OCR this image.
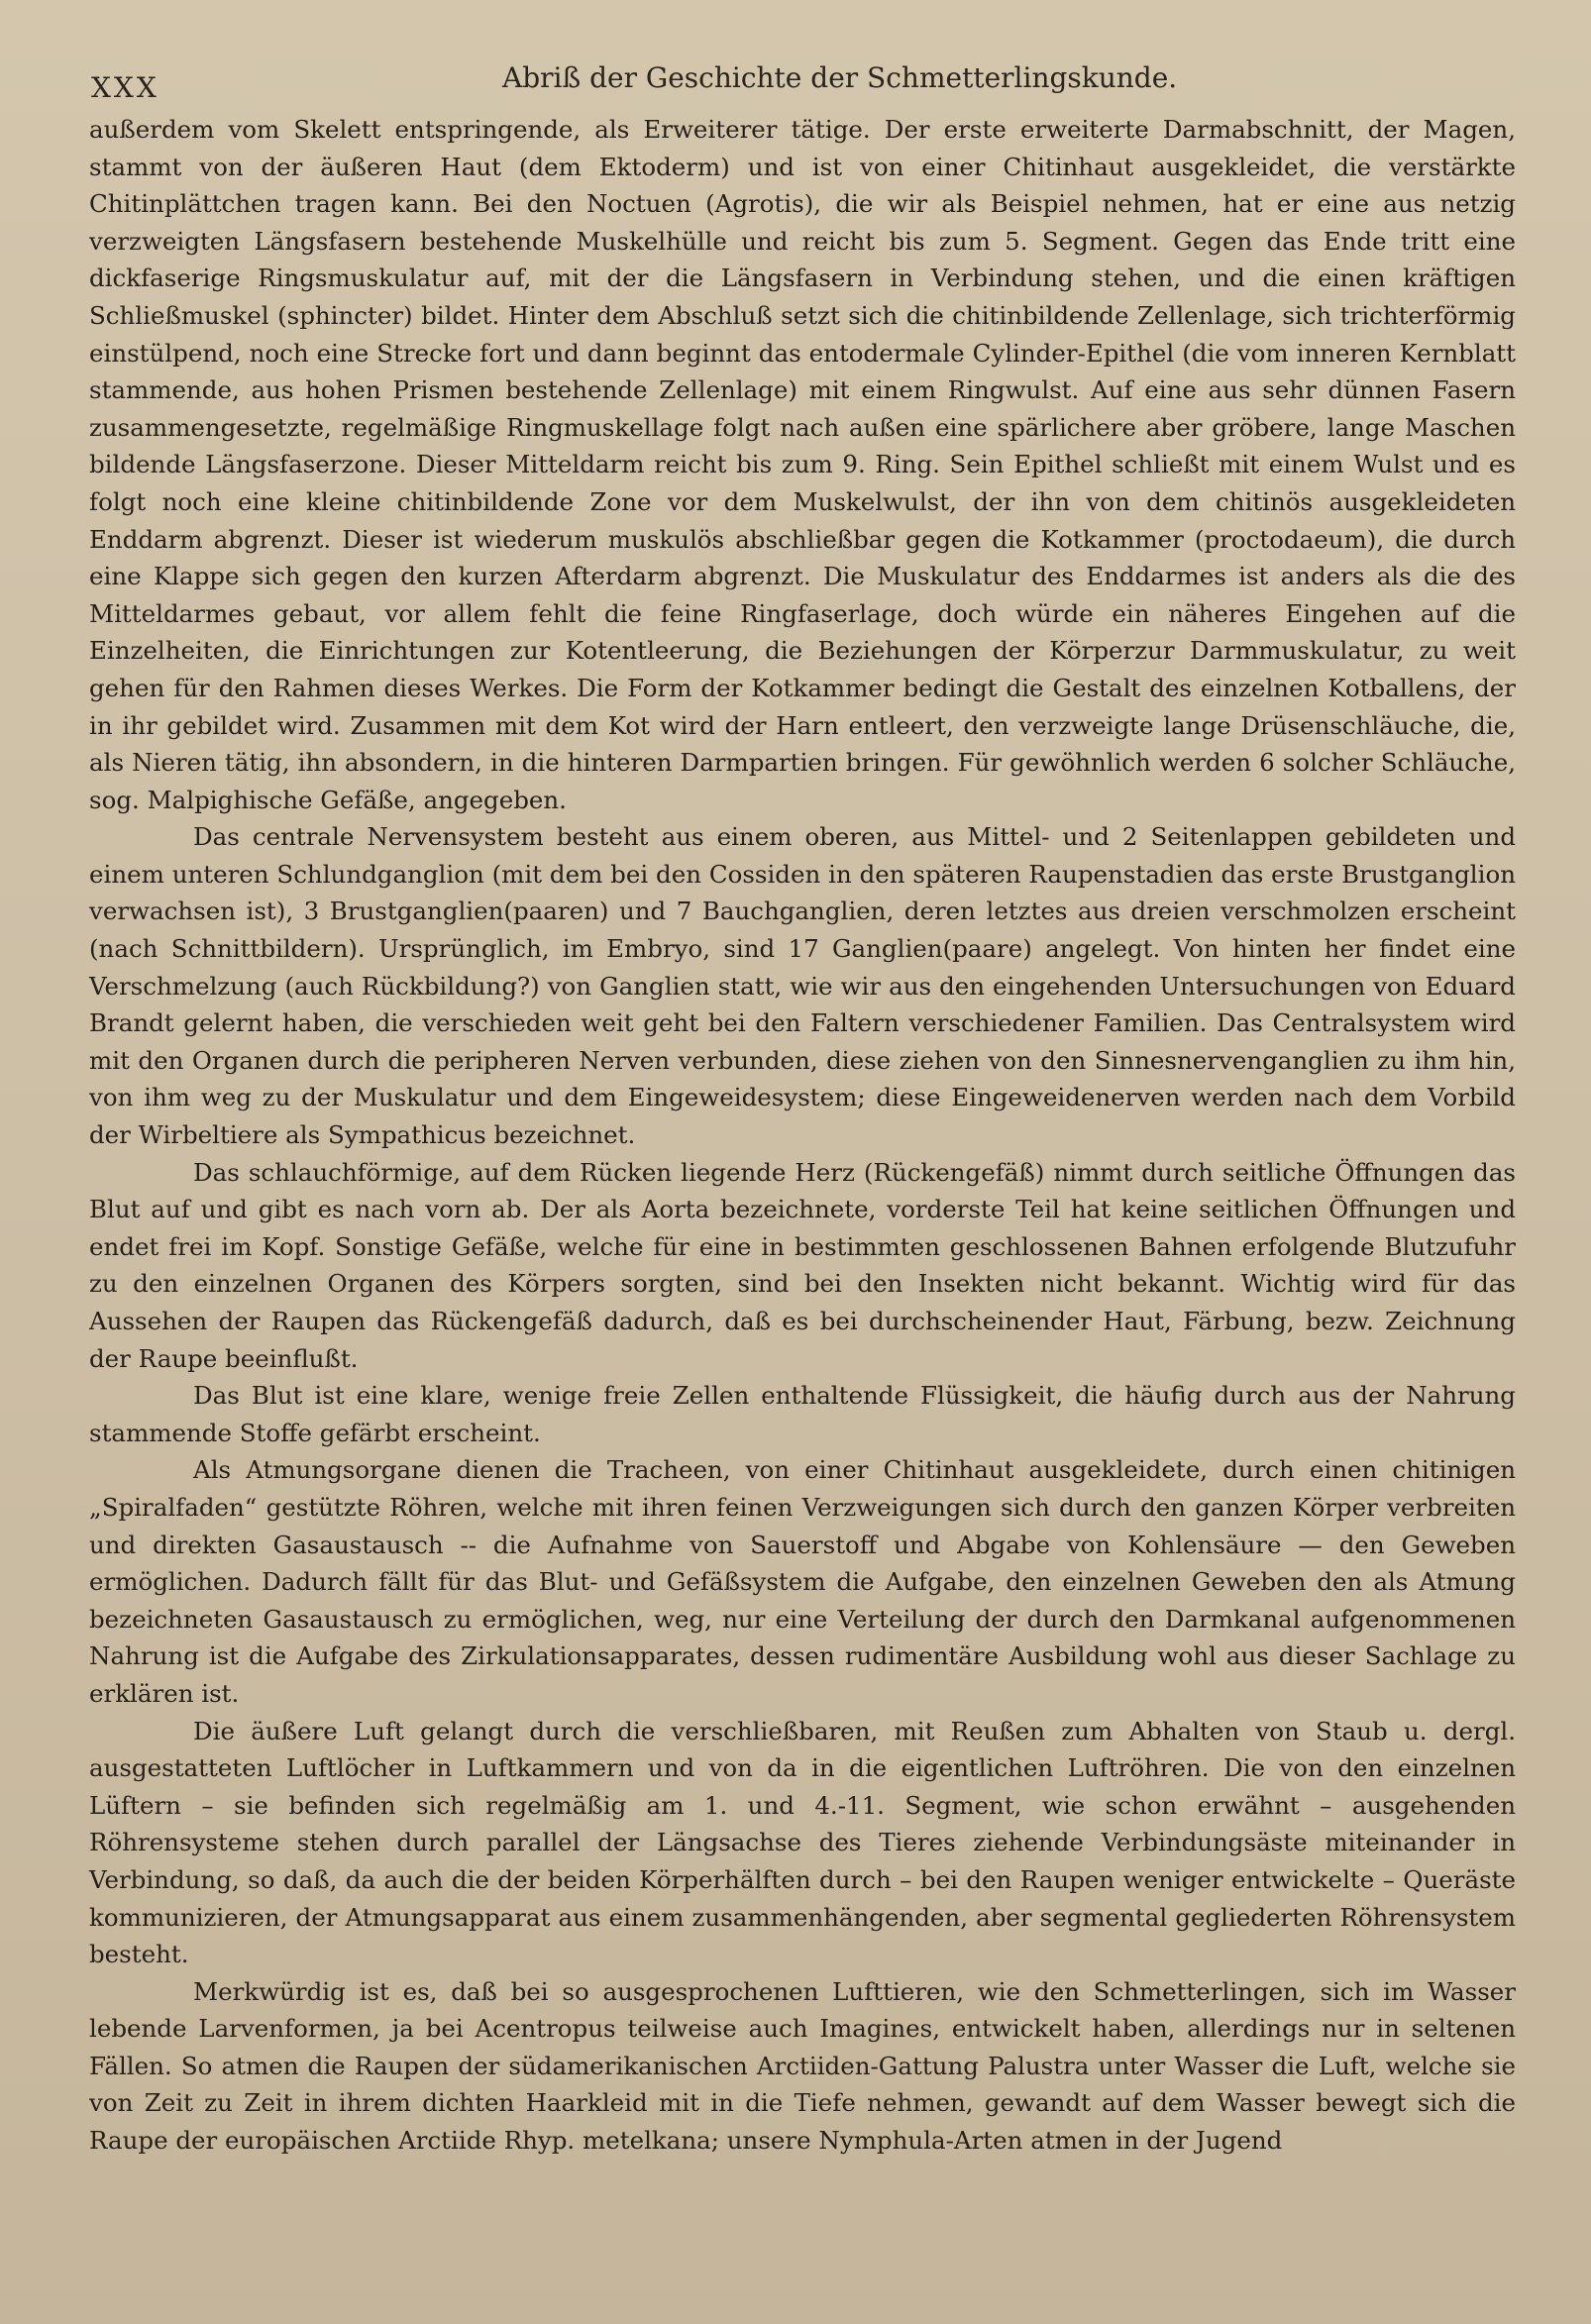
XXX	Abriß der Geschichte der Schmetterlingskunde.

außerdem vom Skelett entspringende, als Erweiterer tätige. Der erste erweiterte Darmabschnitt, der Magen, stammt von der äußeren Haut (dem Ektoderm) und ist von einer Chitinhaut ausgekleidet, die verstärkte Chitinplättchen tragen kann. Bei den Noctuen (Agrotis), die wir als Beispiel nehmen, hat er eine aus netzig verzweigten Längsfasern bestehende Muskelhülle und reicht bis zum 5. Segment. Gegen das Ende tritt eine dickfaserige Ringsmuskulatur auf, mit der die Längsfasern in Verbindung stehen, und die einen kräftigen Schließmuskel (sphincter) bildet. Hinter dem Abschluß setzt sich die chitinbildende Zellenlage, sich trichterförmig einstülpend, noch eine Strecke fort und dann beginnt das entodermale Cylinder-Epithel (die vom inneren Kernblatt stammende, aus hohen Prismen bestehende Zellenlage) mit einem Ringwulst. Auf eine aus sehr dünnen Fasern zusammengesetzte, regelmäßige Ringmuskellage folgt nach außen eine spärlichere aber gröbere, lange Maschen bildende Längsfaserzone. Dieser Mitteldarm reicht bis zum 9. Ring. Sein Epithel schließt mit einem Wulst und es folgt noch eine kleine chitinbildende Zone vor dem Muskelwulst, der ihn von dem chitinös ausgekleideten Enddarm abgrenzt. Dieser ist wiederum muskulös abschließbar gegen die Kotkammer (proctodaeum), die durch eine Klappe sich gegen den kurzen Afterdarm abgrenzt. Die Muskulatur des Enddarmes ist anders als die des Mitteldarmes gebaut, vor allem fehlt die feine Ringfaserlage, doch würde ein näheres Eingehen auf die Einzelheiten, die Einrichtungen zur Kotentleerung, die Beziehungen der Körperzur Darmmuskulatur, zu weit gehen für den Rahmen dieses Werkes. Die Form der Kotkammer bedingt die Gestalt des einzelnen Kotballens, der in ihr gebildet wird. Zusammen mit dem Kot wird der Harn entleert, den verzweigte lange Drüsenschläuche, die, als Nieren tätig, ihn absondern, in die hinteren Darmpartien bringen. Für gewöhnlich werden 6 solcher Schläuche, sog. Malpighische Gefäße, angegeben.

Das centrale Nervensystem besteht aus einem oberen, aus Mittel- und 2 Seitenlappen gebildeten und einem unteren Schlundganglion (mit dem bei den Cossiden in den späteren Raupenstadien das erste Brustganglion verwachsen ist), 3 Brustganglien(paaren) und 7 Bauchganglien, deren letztes aus dreien verschmolzen erscheint (nach Schnittbildern). Ursprünglich, im Embryo, sind 17 Ganglien(paare) angelegt. Von hinten her findet eine Verschmelzung (auch Rückbildung?) von Ganglien statt, wie wir aus den eingehenden Untersuchungen von Eduard Brandt gelernt haben, die verschieden weit geht bei den Faltern verschiedener Familien. Das Centralsystem wird mit den Organen durch die peripheren Nerven verbunden, diese ziehen von den Sinnesnervenganglien zu ihm hin, von ihm weg zu der Muskulatur und dem Eingeweidesystem; diese Eingeweidenerven werden nach dem Vorbild der Wirbeltiere als Sympathicus bezeichnet.

Das schlauchförmige, auf dem Rücken liegende Herz (Rückengefäß) nimmt durch seitliche Öffnungen das Blut auf und gibt es nach vorn ab. Der als Aorta bezeichnete, vorderste Teil hat keine seitlichen Öffnungen und endet frei im Kopf. Sonstige Gefäße, welche für eine in bestimmten geschlossenen Bahnen erfolgende Blutzufuhr zu den einzelnen Organen des Körpers sorgten, sind bei den Insekten nicht bekannt. Wichtig wird für das Aussehen der Raupen das Rückengefäß dadurch, daß es bei durchscheinender Haut, Färbung, bezw. Zeichnung der Raupe beeinflußt.

Das Blut ist eine klare, wenige freie Zellen enthaltende Flüssigkeit, die häufig durch aus der Nahrung stammende Stoffe gefärbt erscheint.

Als Atmungsorgane dienen die Tracheen, von einer Chitinhaut ausgekleidete, durch einen chitinigen „Spiralfaden“ gestützte Röhren, welche mit ihren feinen Verzweigungen sich durch den ganzen Körper verbreiten und direkten Gasaustausch -- die Aufnahme von Sauerstoff und Abgabe von Kohlensäure — den Geweben ermöglichen. Dadurch fällt für das Blut- und Gefäßsystem die Aufgabe, den einzelnen Geweben den als Atmung bezeichneten Gasaustausch zu ermöglichen, weg, nur eine Verteilung der durch den Darmkanal aufgenommenen Nahrung ist die Aufgabe des Zirkulationsapparates, dessen rudimentäre Ausbildung wohl aus dieser Sachlage zu erklären ist.

Die äußere Luft gelangt durch die verschließbaren, mit Reußen zum Abhalten von Staub u. dergl. ausgestatteten Luftlöcher in Luftkammern und von da in die eigentlichen Luftröhren. Die von den einzelnen Lüftern – sie befinden sich regelmäßig am 1. und 4.-11. Segment, wie schon erwähnt – ausgehenden Röhrensysteme stehen durch parallel der Längsachse des Tieres ziehende Verbindungsäste miteinander in Verbindung, so daß, da auch die der beiden Körperhälften durch – bei den Raupen weniger entwickelte – Queräste kommunizieren, der Atmungsapparat aus einem zusammenhängenden, aber segmental gegliederten Röhrensystem besteht.

Merkwürdig ist es, daß bei so ausgesprochenen Lufttieren, wie den Schmetterlingen, sich im Wasser lebende Larvenformen, ja bei Acentropus teilweise auch Imagines, entwickelt haben, allerdings nur in seltenen Fällen. So atmen die Raupen der südamerikanischen Arctiiden-Gattung Palustra unter Wasser die Luft, welche sie von Zeit zu Zeit in ihrem dichten Haarkleid mit in die Tiefe nehmen, gewandt auf dem Wasser bewegt sich die Raupe der europäischen Arctiide Rhyp. metelkana; unsere Nymphula-Arten atmen in der Jugend
